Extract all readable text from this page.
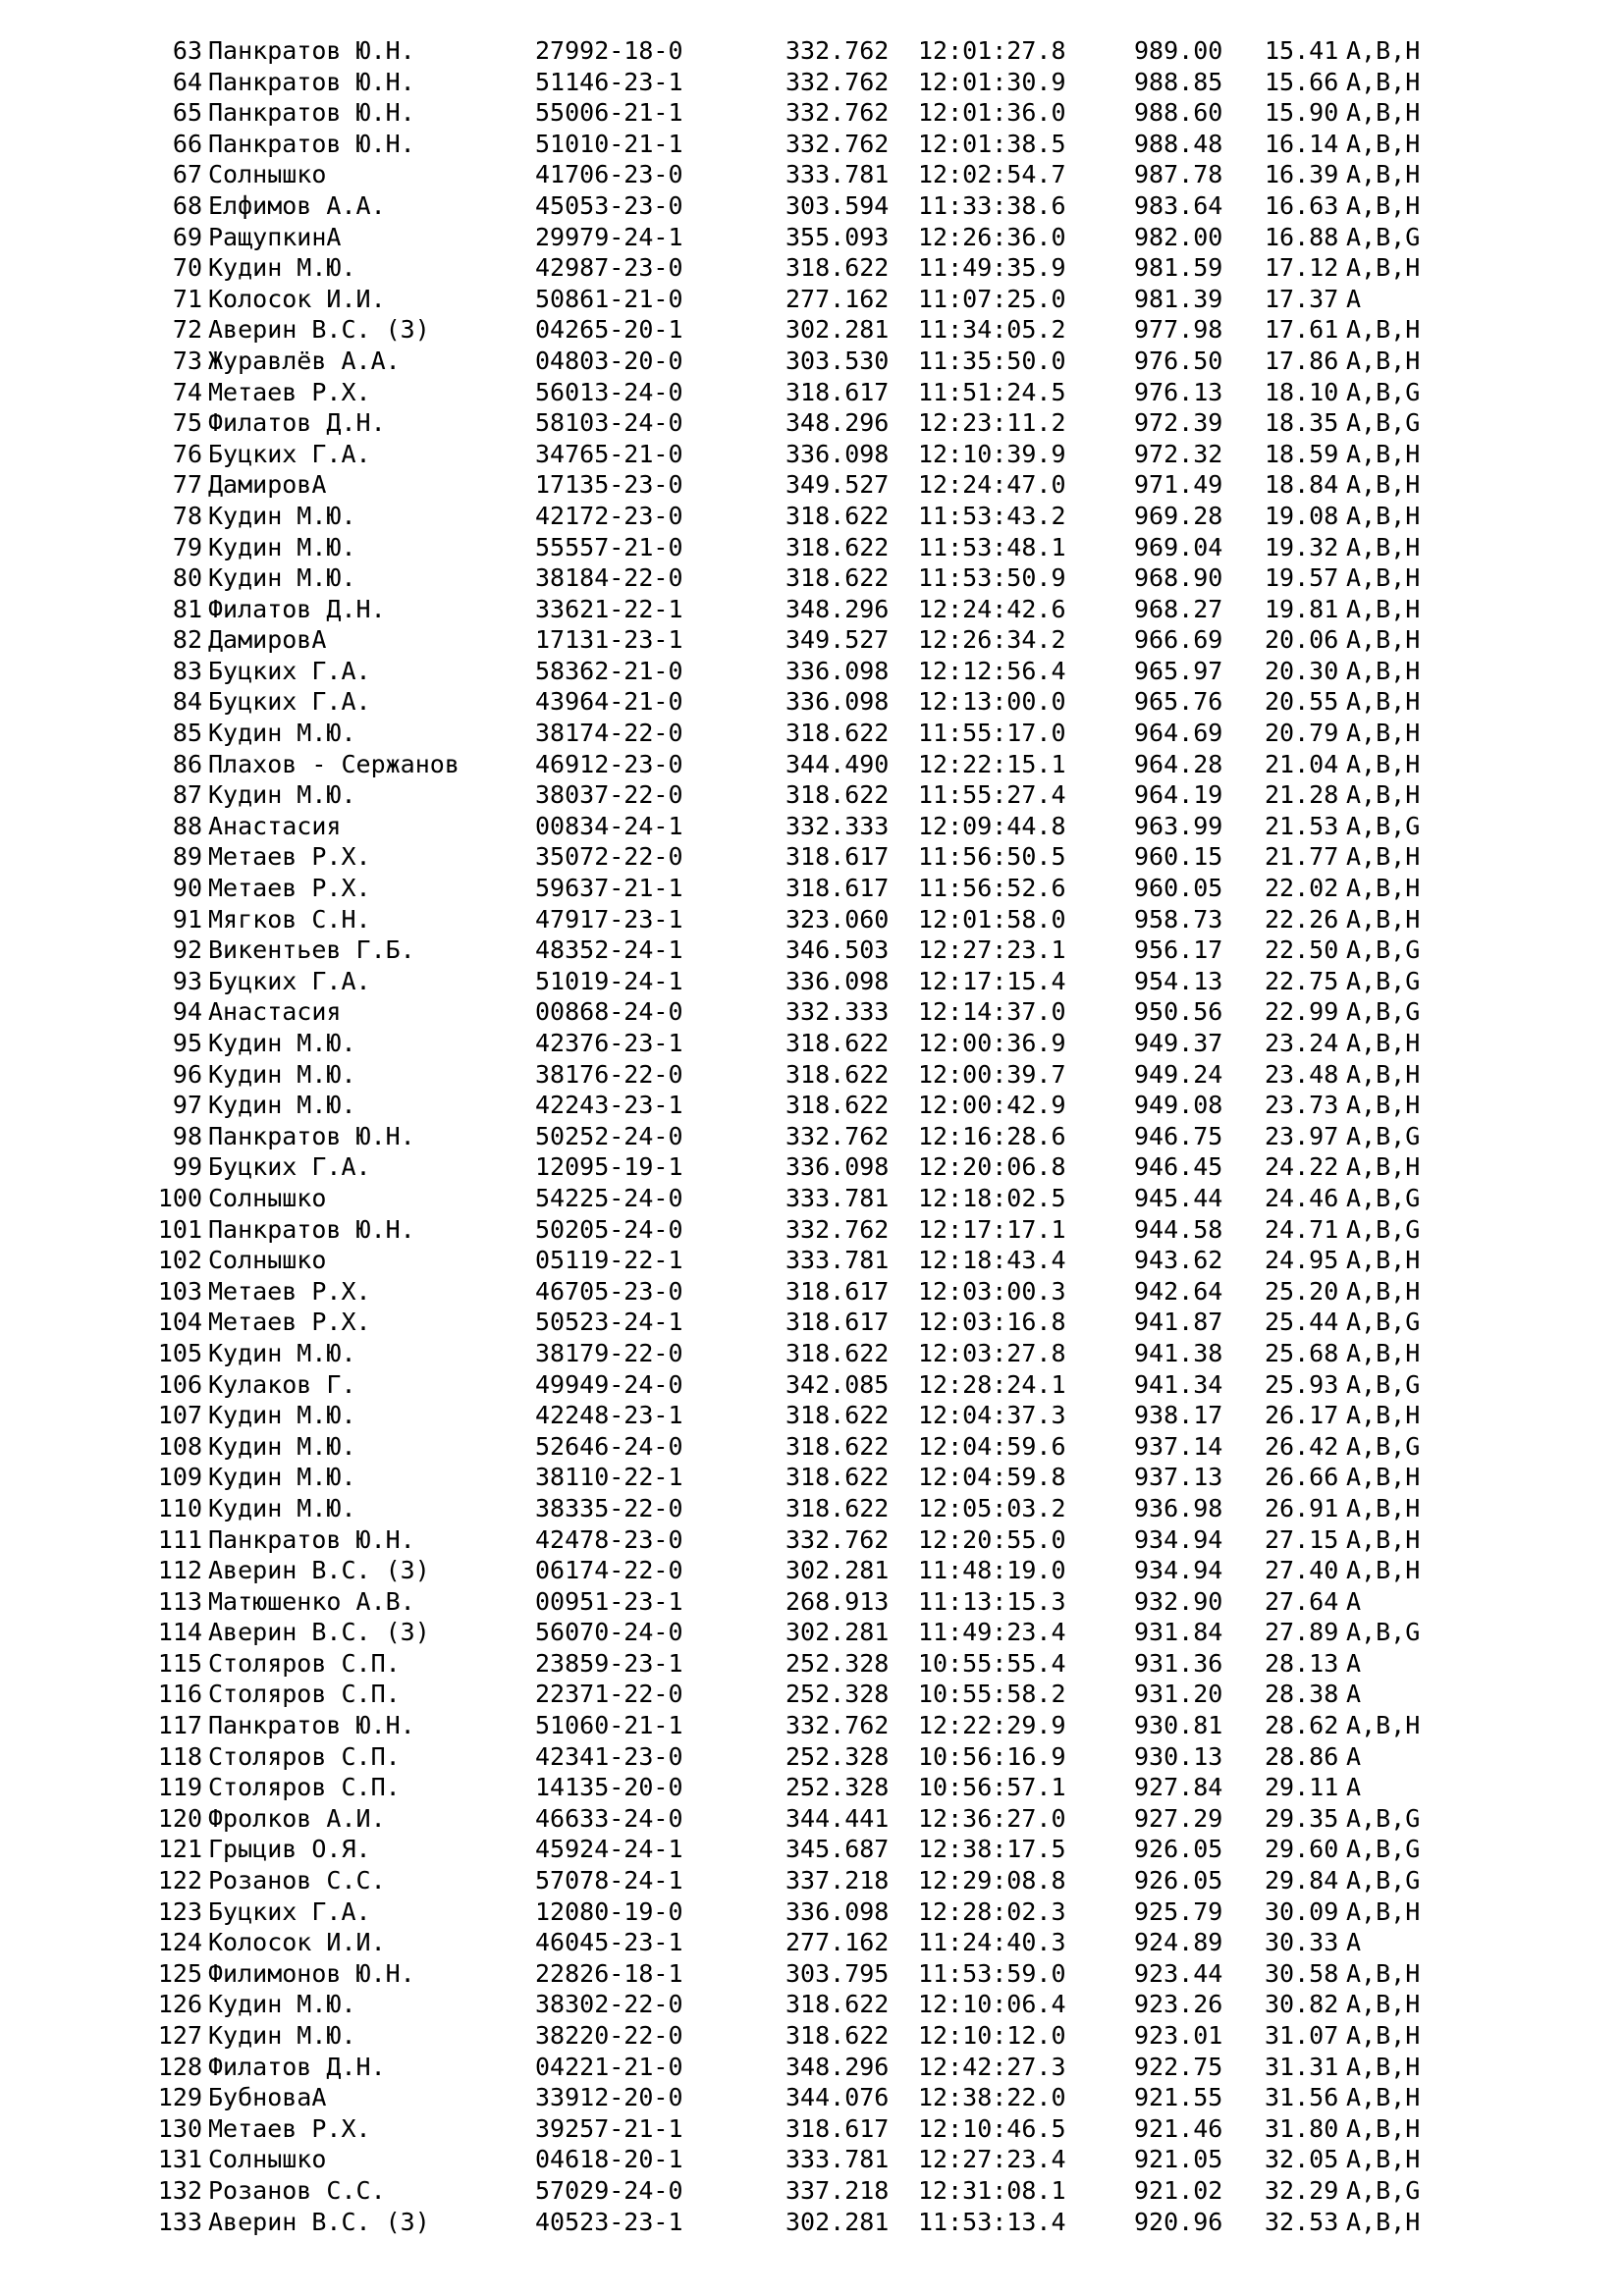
63 Панкратов Ю.Н.	27992-18-0	332.762 12:01:27.8	989.00 15.41 A,B,H
64 Панкратов Ю.Н.	51146-23-1	332.762 12:01:30.9	988.85 15.66 A,B,H
65 Панкратов Ю.Н.	55006-21-1	332.762 12:01:36.0	988.60 15.90 A,B,H
66 Панкратов Ю.Н.	51010-21-1	332.762 12:01:38.5	988.48 16.14 A,B,H
67 Солнышко	41706-23-0	333.781 12:02:54.7	987.78 16.39 A,B,H
68 Елфимов А.А.	45053-23-0	303.594 11:33:38.6	983.64 16.63 A,B,H
69 РащупкинА	29979-24-1	355.093 12:26:36.0	982.00 16.88 A,B,G
70 Кудин М.Ю.	42987-23-0	318.622 11:49:35.9	981.59 17.12 A,B,H
71 Колосок И.И.	50861-21-0	277.162 11:07:25.0	981.39 17.37 A
72 Аверин В.С. (З)	04265-20-1	302.281 11:34:05.2	977.98 17.61 A,B,H
73 Журавлёв А.А.	04803-20-0	303.530 11:35:50.0	976.50 17.86 A,B,H
74 Метаев Р.Х.	56013-24-0	318.617 11:51:24.5	976.13 18.10 A,B,G
75 Филатов Д.Н.	58103-24-0	348.296 12:23:11.2	972.39 18.35 A,B,G
76 Буцких Г.А.	34765-21-0	336.098 12:10:39.9	972.32 18.59 A,B,H
77 ДамировА	17135-23-0	349.527 12:24:47.0	971.49 18.84 A,B,H
78 Кудин М.Ю.	42172-23-0	318.622 11:53:43.2	969.28 19.08 A,B,H
79 Кудин М.Ю.	55557-21-0	318.622 11:53:48.1	969.04 19.32 A,B,H
80 Кудин М.Ю.	38184-22-0	318.622 11:53:50.9	968.90 19.57 A,B,H
81 Филатов Д.Н.	33621-22-1	348.296 12:24:42.6	968.27 19.81 A,B,H
82 ДамировА	17131-23-1	349.527 12:26:34.2	966.69 20.06 A,B,H
83 Буцких Г.А.	58362-21-0	336.098 12:12:56.4	965.97 20.30 A,B,H
84 Буцких Г.А.	43964-21-0	336.098 12:13:00.0	965.76 20.55 A,B,H
85 Кудин М.Ю.	38174-22-0	318.622 11:55:17.0	964.69 20.79 A,B,H
86 Плахов - Сержанов	46912-23-0	344.490 12:22:15.1	964.28 21.04 A,B,H
87 Кудин М.Ю.	38037-22-0	318.622 11:55:27.4	964.19 21.28 A,B,H
88 Анастасия	00834-24-1	332.333 12:09:44.8	963.99 21.53 A,B,G
89 Метаев Р.Х.	35072-22-0	318.617 11:56:50.5	960.15 21.77 A,B,H
90 Метаев Р.Х.	59637-21-1	318.617 11:56:52.6	960.05 22.02 A,B,H
91 Мягков С.Н.	47917-23-1	323.060 12:01:58.0	958.73 22.26 A,B,H
92 Викентьев Г.Б.	48352-24-1	346.503 12:27:23.1	956.17 22.50 A,B,G
93 Буцких Г.А.	51019-24-1	336.098 12:17:15.4	954.13 22.75 A,B,G
94 Анастасия	00868-24-0	332.333 12:14:37.0	950.56 22.99 A,B,G
95 Кудин М.Ю.	42376-23-1	318.622 12:00:36.9	949.37 23.24 A,B,H
96 Кудин М.Ю.	38176-22-0	318.622 12:00:39.7	949.24 23.48 A,B,H
97 Кудин М.Ю.	42243-23-1	318.622 12:00:42.9	949.08 23.73 A,B,H
98 Панкратов Ю.Н.	50252-24-0	332.762 12:16:28.6	946.75 23.97 A,B,G
99 Буцких Г.А.	12095-19-1	336.098 12:20:06.8	946.45 24.22 A,B,H
100 Солнышко	54225-24-0	333.781 12:18:02.5	945.44 24.46 A,B,G
101 Панкратов Ю.Н.	50205-24-0	332.762 12:17:17.1	944.58 24.71 A,B,G
102 Солнышко	05119-22-1	333.781 12:18:43.4	943.62 24.95 A,B,H
103 Метаев Р.Х.	46705-23-0	318.617 12:03:00.3	942.64 25.20 A,B,H
104 Метаев Р.Х.	50523-24-1	318.617 12:03:16.8	941.87 25.44 A,B,G
105 Кудин М.Ю.	38179-22-0	318.622 12:03:27.8	941.38 25.68 A,B,H
106 Кулаков Г.	49949-24-0	342.085 12:28:24.1	941.34 25.93 A,B,G
107 Кудин М.Ю.	42248-23-1	318.622 12:04:37.3	938.17 26.17 A,B,H
108 Кудин М.Ю.	52646-24-0	318.622 12:04:59.6	937.14 26.42 A,B,G
109 Кудин М.Ю.	38110-22-1	318.622 12:04:59.8	937.13 26.66 A,B,H
110 Кудин М.Ю.	38335-22-0	318.622 12:05:03.2	936.98 26.91 A,B,H
111 Панкратов Ю.Н.	42478-23-0	332.762 12:20:55.0	934.94 27.15 A,B,H
112 Аверин В.С. (З)	06174-22-0	302.281 11:48:19.0	934.94 27.40 A,B,H
113 Матюшенко А.В.	00951-23-1	268.913 11:13:15.3	932.90 27.64 A
114 Аверин В.С. (З)	56070-24-0	302.281 11:49:23.4	931.84 27.89 A,B,G
115 Столяров С.П.	23859-23-1	252.328 10:55:55.4	931.36 28.13 A
116 Столяров С.П.	22371-22-0	252.328 10:55:58.2	931.20 28.38 A
117 Панкратов Ю.Н.	51060-21-1	332.762 12:22:29.9	930.81 28.62 A,B,H
118 Столяров С.П.	42341-23-0	252.328 10:56:16.9	930.13 28.86 A
119 Столяров С.П.	14135-20-0	252.328 10:56:57.1	927.84 29.11 A
120 Фролков А.И.	46633-24-0	344.441 12:36:27.0	927.29 29.35 A,B,G
121 Грыцив О.Я.	45924-24-1	345.687 12:38:17.5	926.05 29.60 A,B,G
122 Розанов С.С.	57078-24-1	337.218 12:29:08.8	926.05 29.84 A,B,G
123 Буцких Г.А.	12080-19-0	336.098 12:28:02.3	925.79 30.09 A,B,H
124 Колосок И.И.	46045-23-1	277.162 11:24:40.3	924.89 30.33 A
125 Филимонов Ю.Н.	22826-18-1	303.795 11:53:59.0	923.44 30.58 A,B,H
126 Кудин М.Ю.	38302-22-0	318.622 12:10:06.4	923.26 30.82 A,B,H
127 Кудин М.Ю.	38220-22-0	318.622 12:10:12.0	923.01 31.07 A,B,H
128 Филатов Д.Н.	04221-21-0	348.296 12:42:27.3	922.75 31.31 A,B,H
129 БубноваА	33912-20-0	344.076 12:38:22.0	921.55 31.56 A,B,H
130 Метаев Р.Х.	39257-21-1	318.617 12:10:46.5	921.46 31.80 A,B,H
131 Солнышко	04618-20-1	333.781 12:27:23.4	921.05 32.05 A,B,H
132 Розанов С.С.	57029-24-0	337.218 12:31:08.1	921.02 32.29 A,B,G
133 Аверин В.С. (З)	40523-23-1	302.281 11:53:13.4	920.96 32.53 A,B,H
